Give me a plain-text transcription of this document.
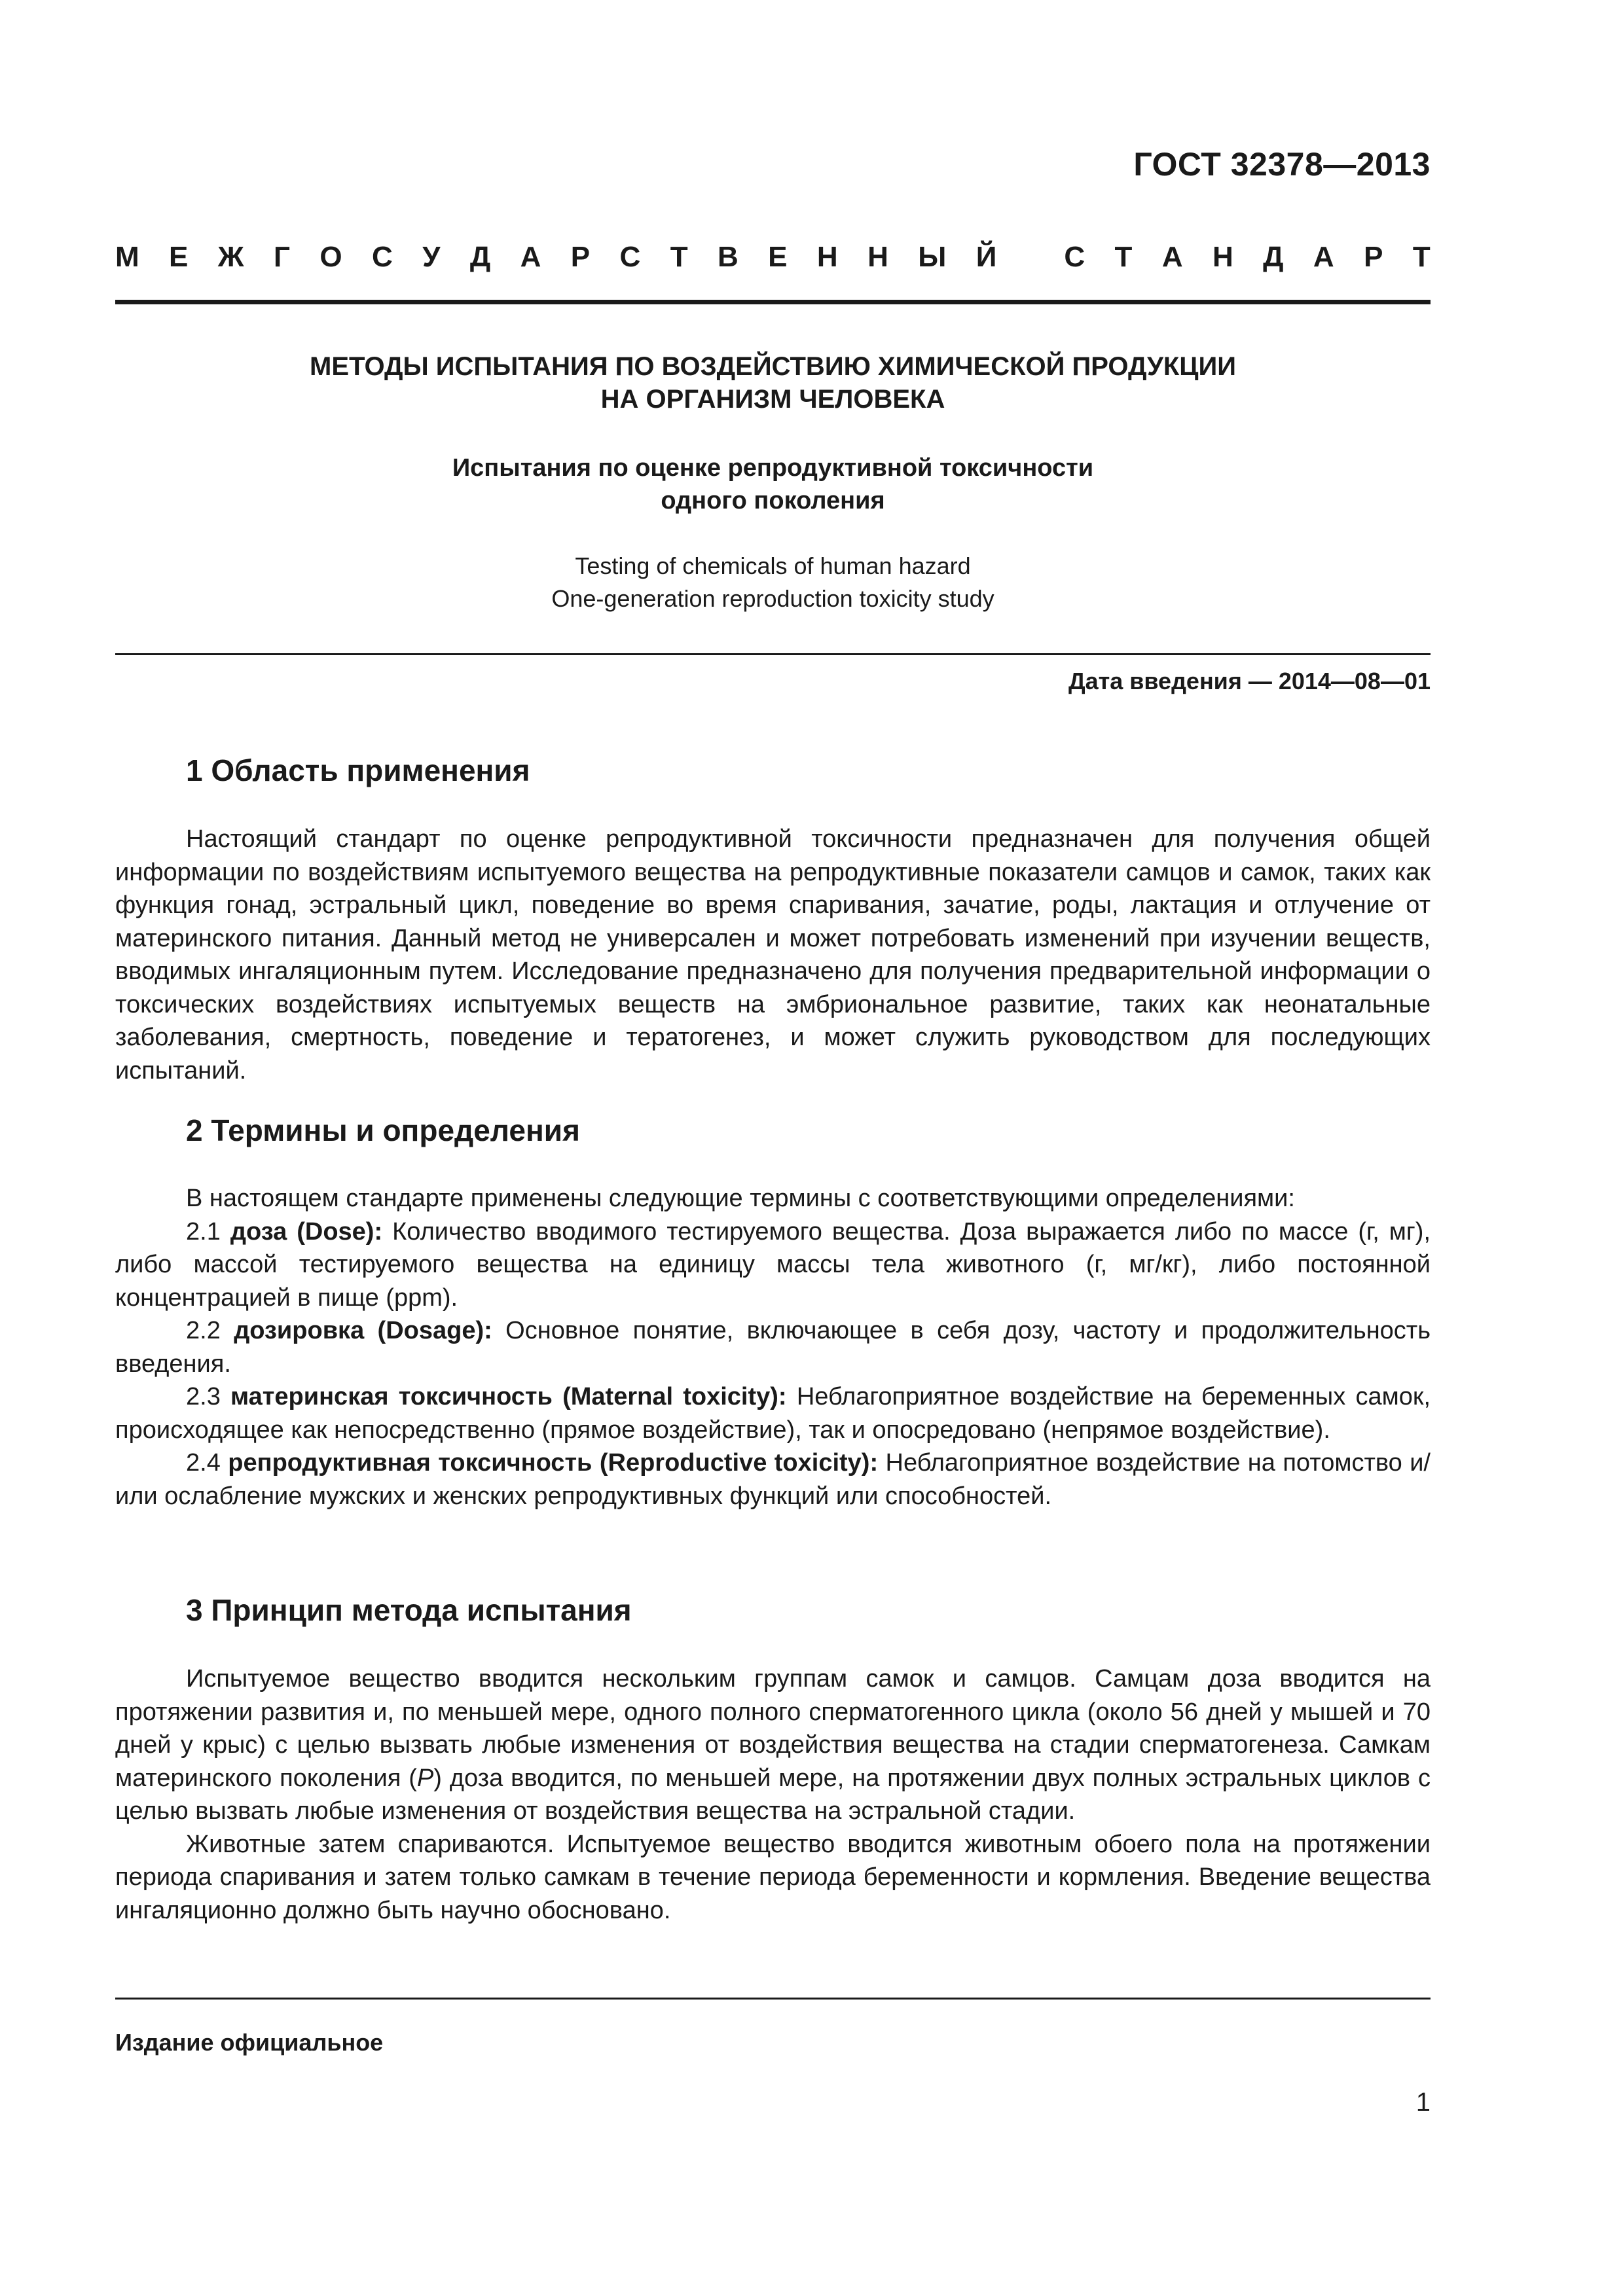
ГОСТ 32378—2013
М Е Ж Г О С У Д А Р С Т В Е Н Н Ы Й
С Т А Н Д А Р Т
МЕТОДЫ ИСПЫТАНИЯ ПО ВОЗДЕЙСТВИЮ ХИМИЧЕСКОЙ ПРОДУКЦИИ
НА ОРГАНИЗМ ЧЕЛОВЕКА
Испытания по оценке репродуктивной токсичности
одного поколения
Testing of chemicals of human hazard
One-generation reproduction toxicity study
Дата введения — 2014—08—01
1 Область применения

Настоящий стандарт по оценке репродуктивной токсичности предназначен для получения общей информации по воздействиям испытуемого вещества на репродуктивные показатели самцов и самок, таких как функция гонад, эстральный цикл, поведение во время спаривания, зачатие, роды, лактация и отлучение от материнского питания. Данный метод не универсален и может потребовать изменений при изучении веществ, вводимых ингаляционным путем. Исследование предназначено для получения предварительной информации о токсических воздействиях испытуемых веществ на эмбриональное развитие, таких как неонатальные заболевания, смертность, поведение и тератогенез, и может служить руководством для последующих испытаний.

2 Термины и определения

В настоящем стандарте применены следующие термины с соответствующими определениями:

2.1 доза (Dose): Количество вводимого тестируемого вещества. Доза выражается либо по массе (г, мг), либо массой тестируемого вещества на единицу массы тела животного (г, мг/кг), либо постоянной концентрацией в пище (ppm).

2.2 дозировка (Dosage): Основное понятие, включающее в себя дозу, частоту и продолжительность введения.

2.3 материнская токсичность (Maternal toxicity): Неблагоприятное воздействие на беременных самок, происходящее как непосредственно (прямое воздействие), так и опосредовано (непрямое воздействие).

2.4 репродуктивная токсичность (Reproductive toxicity): Неблагоприятное воздействие на потомство и/или ослабление мужских и женских репродуктивных функций или способностей.

3 Принцип метода испытания

Испытуемое вещество вводится нескольким группам самок и самцов. Самцам доза вводится на протяжении развития и, по меньшей мере, одного полного сперматогенного цикла (около 56 дней у мышей и 70 дней у крыс) с целью вызвать любые изменения от воздействия вещества на стадии сперматогенеза. Самкам материнского поколения (P) доза вводится, по меньшей мере, на протяжении двух полных эстральных циклов с целью вызвать любые изменения от воздействия вещества на эстральной стадии.

Животные затем спариваются. Испытуемое вещество вводится животным обоего пола на протяжении периода спаривания и затем только самкам в течение периода беременности и кормления. Введение вещества ингаляционно должно быть научно обосновано.

Издание официальное
1
